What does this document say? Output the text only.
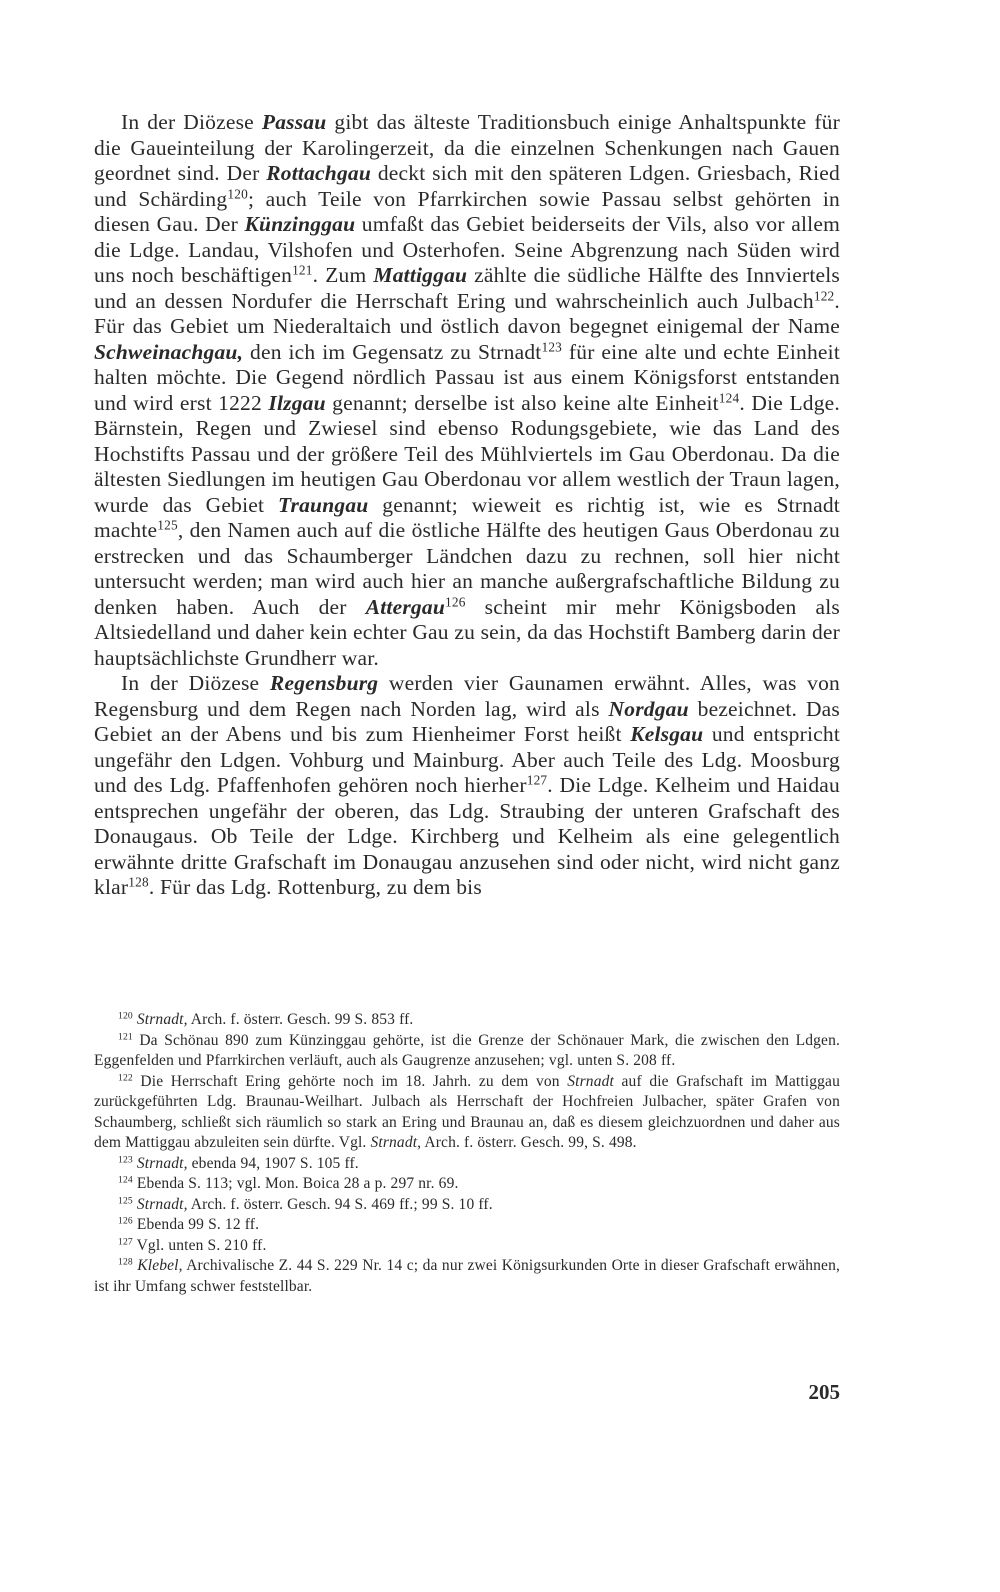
In der Diözese Passau gibt das älteste Traditionsbuch einige Anhaltspunkte für die Gaueinteilung der Karolingerzeit, da die einzelnen Schenkungen nach Gauen geordnet sind. Der Rottachgau deckt sich mit den späteren Ldgen. Griesbach, Ried und Schärding$^{120}$; auch Teile von Pfarrkirchen sowie Passau selbst gehörten in diesen Gau. Der Künzinggau umfaßt das Gebiet beiderseits der Vils, also vor allem die Ldge. Landau, Vilshofen und Osterhofen. Seine Abgrenzung nach Süden wird uns noch beschäftigen$^{121}$. Zum Mattiggau zählte die südliche Hälfte des Innviertels und an dessen Nordufer die Herrschaft Ering und wahrscheinlich auch Julbach$^{122}$. Für das Gebiet um Niederaltaich und östlich davon begegnet einigemal der Name Schweinachgau, den ich im Gegensatz zu Strnadt$^{123}$ für eine alte und echte Einheit halten möchte. Die Gegend nördlich Passau ist aus einem Königsforst entstanden und wird erst 1222 Ilzgau genannt; derselbe ist also keine alte Einheit$^{124}$. Die Ldge. Bärnstein, Regen und Zwiesel sind ebenso Rodungsgebiete, wie das Land des Hochstifts Passau und der größere Teil des Mühlviertels im Gau Oberdonau. Da die ältesten Siedlungen im heutigen Gau Oberdonau vor allem westlich der Traun lagen, wurde das Gebiet Traungau genannt; wieweit es richtig ist, wie es Strnadt machte$^{125}$, den Namen auch auf die östliche Hälfte des heutigen Gaus Oberdonau zu erstrecken und das Schaumberger Ländchen dazu zu rechnen, soll hier nicht untersucht werden; man wird auch hier an manche außergrafschaftliche Bildung zu denken haben. Auch der Attergau$^{126}$ scheint mir mehr Königsboden als Altsiedelland und daher kein echter Gau zu sein, da das Hochstift Bamberg darin der hauptsächlichste Grundherr war.

In der Diözese Regensburg werden vier Gaunamen erwähnt. Alles, was von Regensburg und dem Regen nach Norden lag, wird als Nordgau bezeichnet. Das Gebiet an der Abens und bis zum Hienheimer Forst heißt Kelsgau und entspricht ungefähr den Ldgen. Vohburg und Mainburg. Aber auch Teile des Ldg. Moosburg und des Ldg. Pfaffenhofen gehören noch hierher$^{127}$. Die Ldge. Kelheim und Haidau entsprechen ungefähr der oberen, das Ldg. Straubing der unteren Grafschaft des Donaugaus. Ob Teile der Ldge. Kirchberg und Kelheim als eine gelegentlich erwähnte dritte Grafschaft im Donaugau anzusehen sind oder nicht, wird nicht ganz klar$^{128}$. Für das Ldg. Rottenburg, zu dem bis

$^{120}$ Strnadt, Arch. f. österr. Gesch. 99 S. 853 ff.

$^{121}$ Da Schönau 890 zum Künzinggau gehörte, ist die Grenze der Schönauer Mark, die zwischen den Ldgen. Eggenfelden und Pfarrkirchen verläuft, auch als Gaugrenze anzusehen; vgl. unten S. 208 ff.

$^{122}$ Die Herrschaft Ering gehörte noch im 18. Jahrh. zu dem von Strnadt auf die Grafschaft im Mattiggau zurückgeführten Ldg. Braunau-Weilhart. Julbach als Herrschaft der Hochfreien Julbacher, später Grafen von Schaumberg, schließt sich räumlich so stark an Ering und Braunau an, daß es diesem gleichzuordnen und daher aus dem Mattiggau abzuleiten sein dürfte. Vgl. Strnadt, Arch. f. österr. Gesch. 99, S. 498.

$^{123}$ Strnadt, ebenda 94, 1907 S. 105 ff.

$^{124}$ Ebenda S. 113; vgl. Mon. Boica 28 a p. 297 nr. 69.

$^{125}$ Strnadt, Arch. f. österr. Gesch. 94 S. 469 ff.; 99 S. 10 ff.

$^{126}$ Ebenda 99 S. 12 ff.

$^{127}$ Vgl. unten S. 210 ff.

$^{128}$ Klebel, Archivalische Z. 44 S. 229 Nr. 14 c; da nur zwei Königsurkunden Orte in dieser Grafschaft erwähnen, ist ihr Umfang schwer feststellbar.

205
